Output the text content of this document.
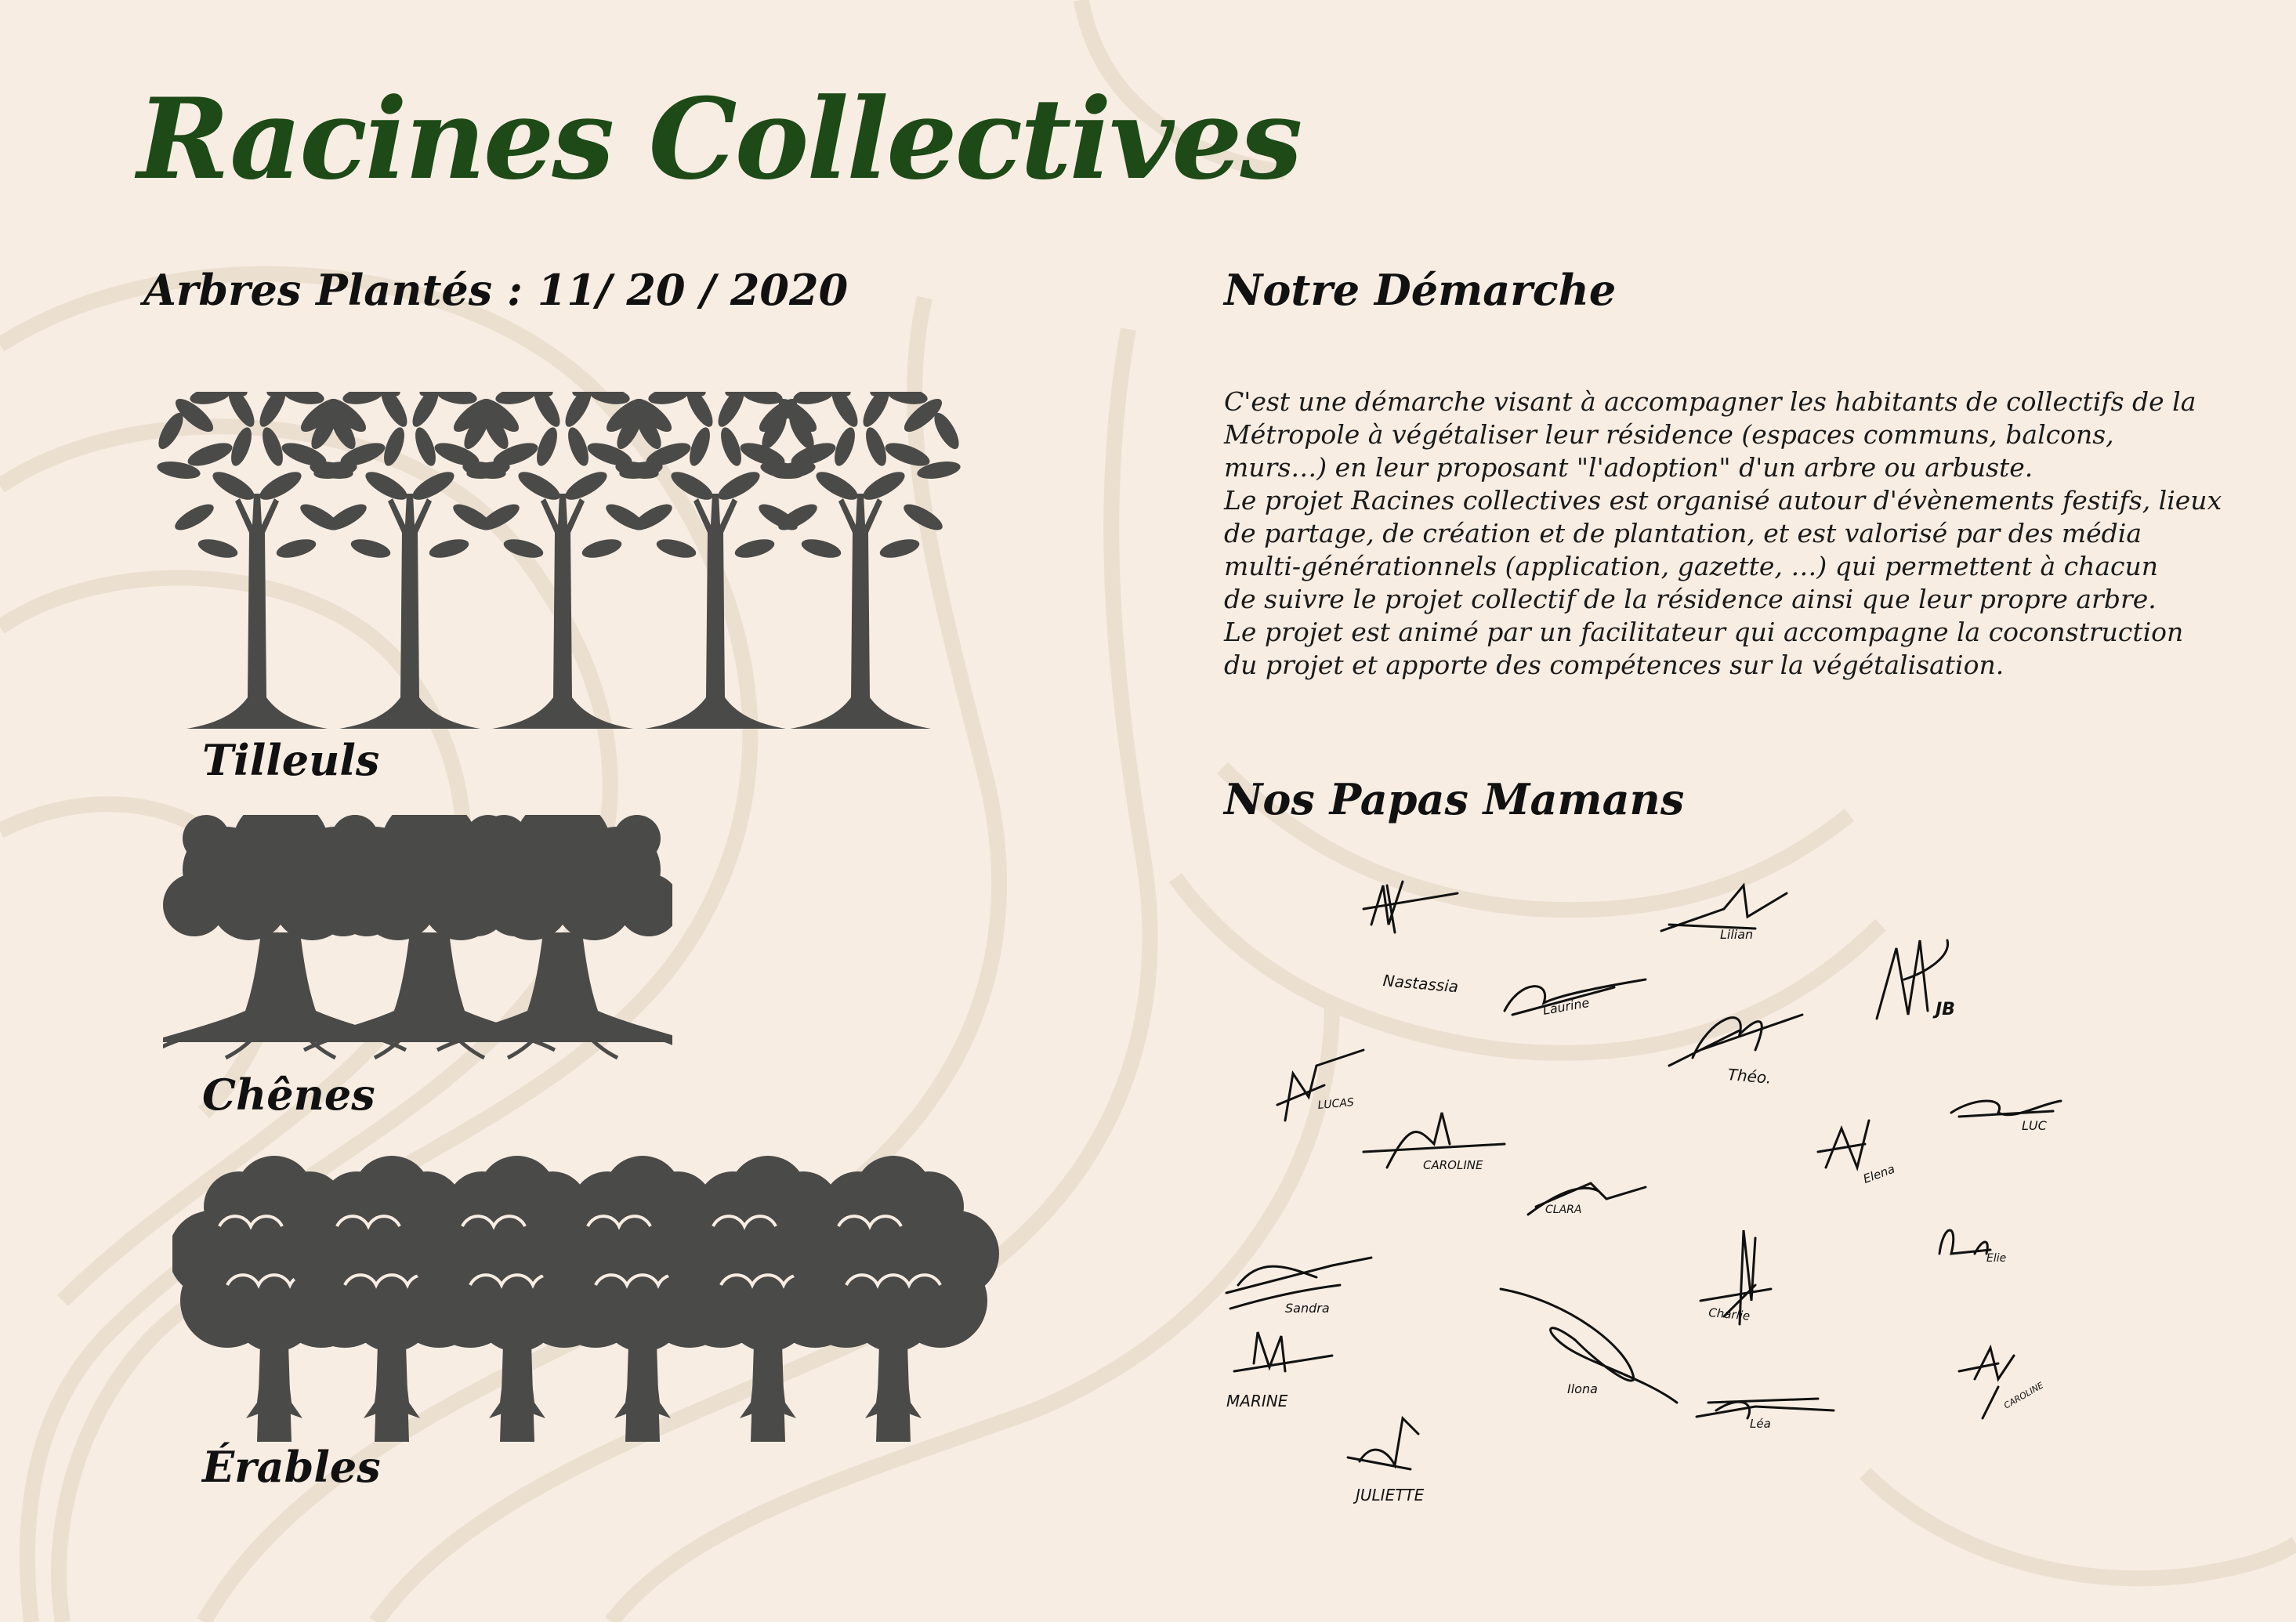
Racines Collectives
Arbres Plantés : 11/ 20 / 2020
Tilleuls
Chênes
Érables
Notre Démarche

C'est une démarche visant à accompagner les habitants de collectifs de la
Métropole à végétaliser leur résidence (espaces communs, balcons,
murs…) en leur proposant "l'adoption" d'un arbre ou arbuste.
Le projet Racines collectives est organisé autour d'évènements festifs, lieux
de partage, de création et de plantation, et est valorisé par des média
multi-générationnels (application, gazette, …) qui permettent à chacun
de suivre le projet collectif de la résidence ainsi que leur propre arbre.
Le projet est animé par un facilitateur qui accompagne la coconstruction
du projet et apporte des compétences sur la végétalisation.

Nos Papas Mamans
Nastassia
Lilian
Laurine	JB
LUCAS
Théo.
CAROLINE	Elena
LUC
CLARA
Sandra
Elie
Charlie
Ilona
MARINE
Léa
CAROLINE
JULIETTE
